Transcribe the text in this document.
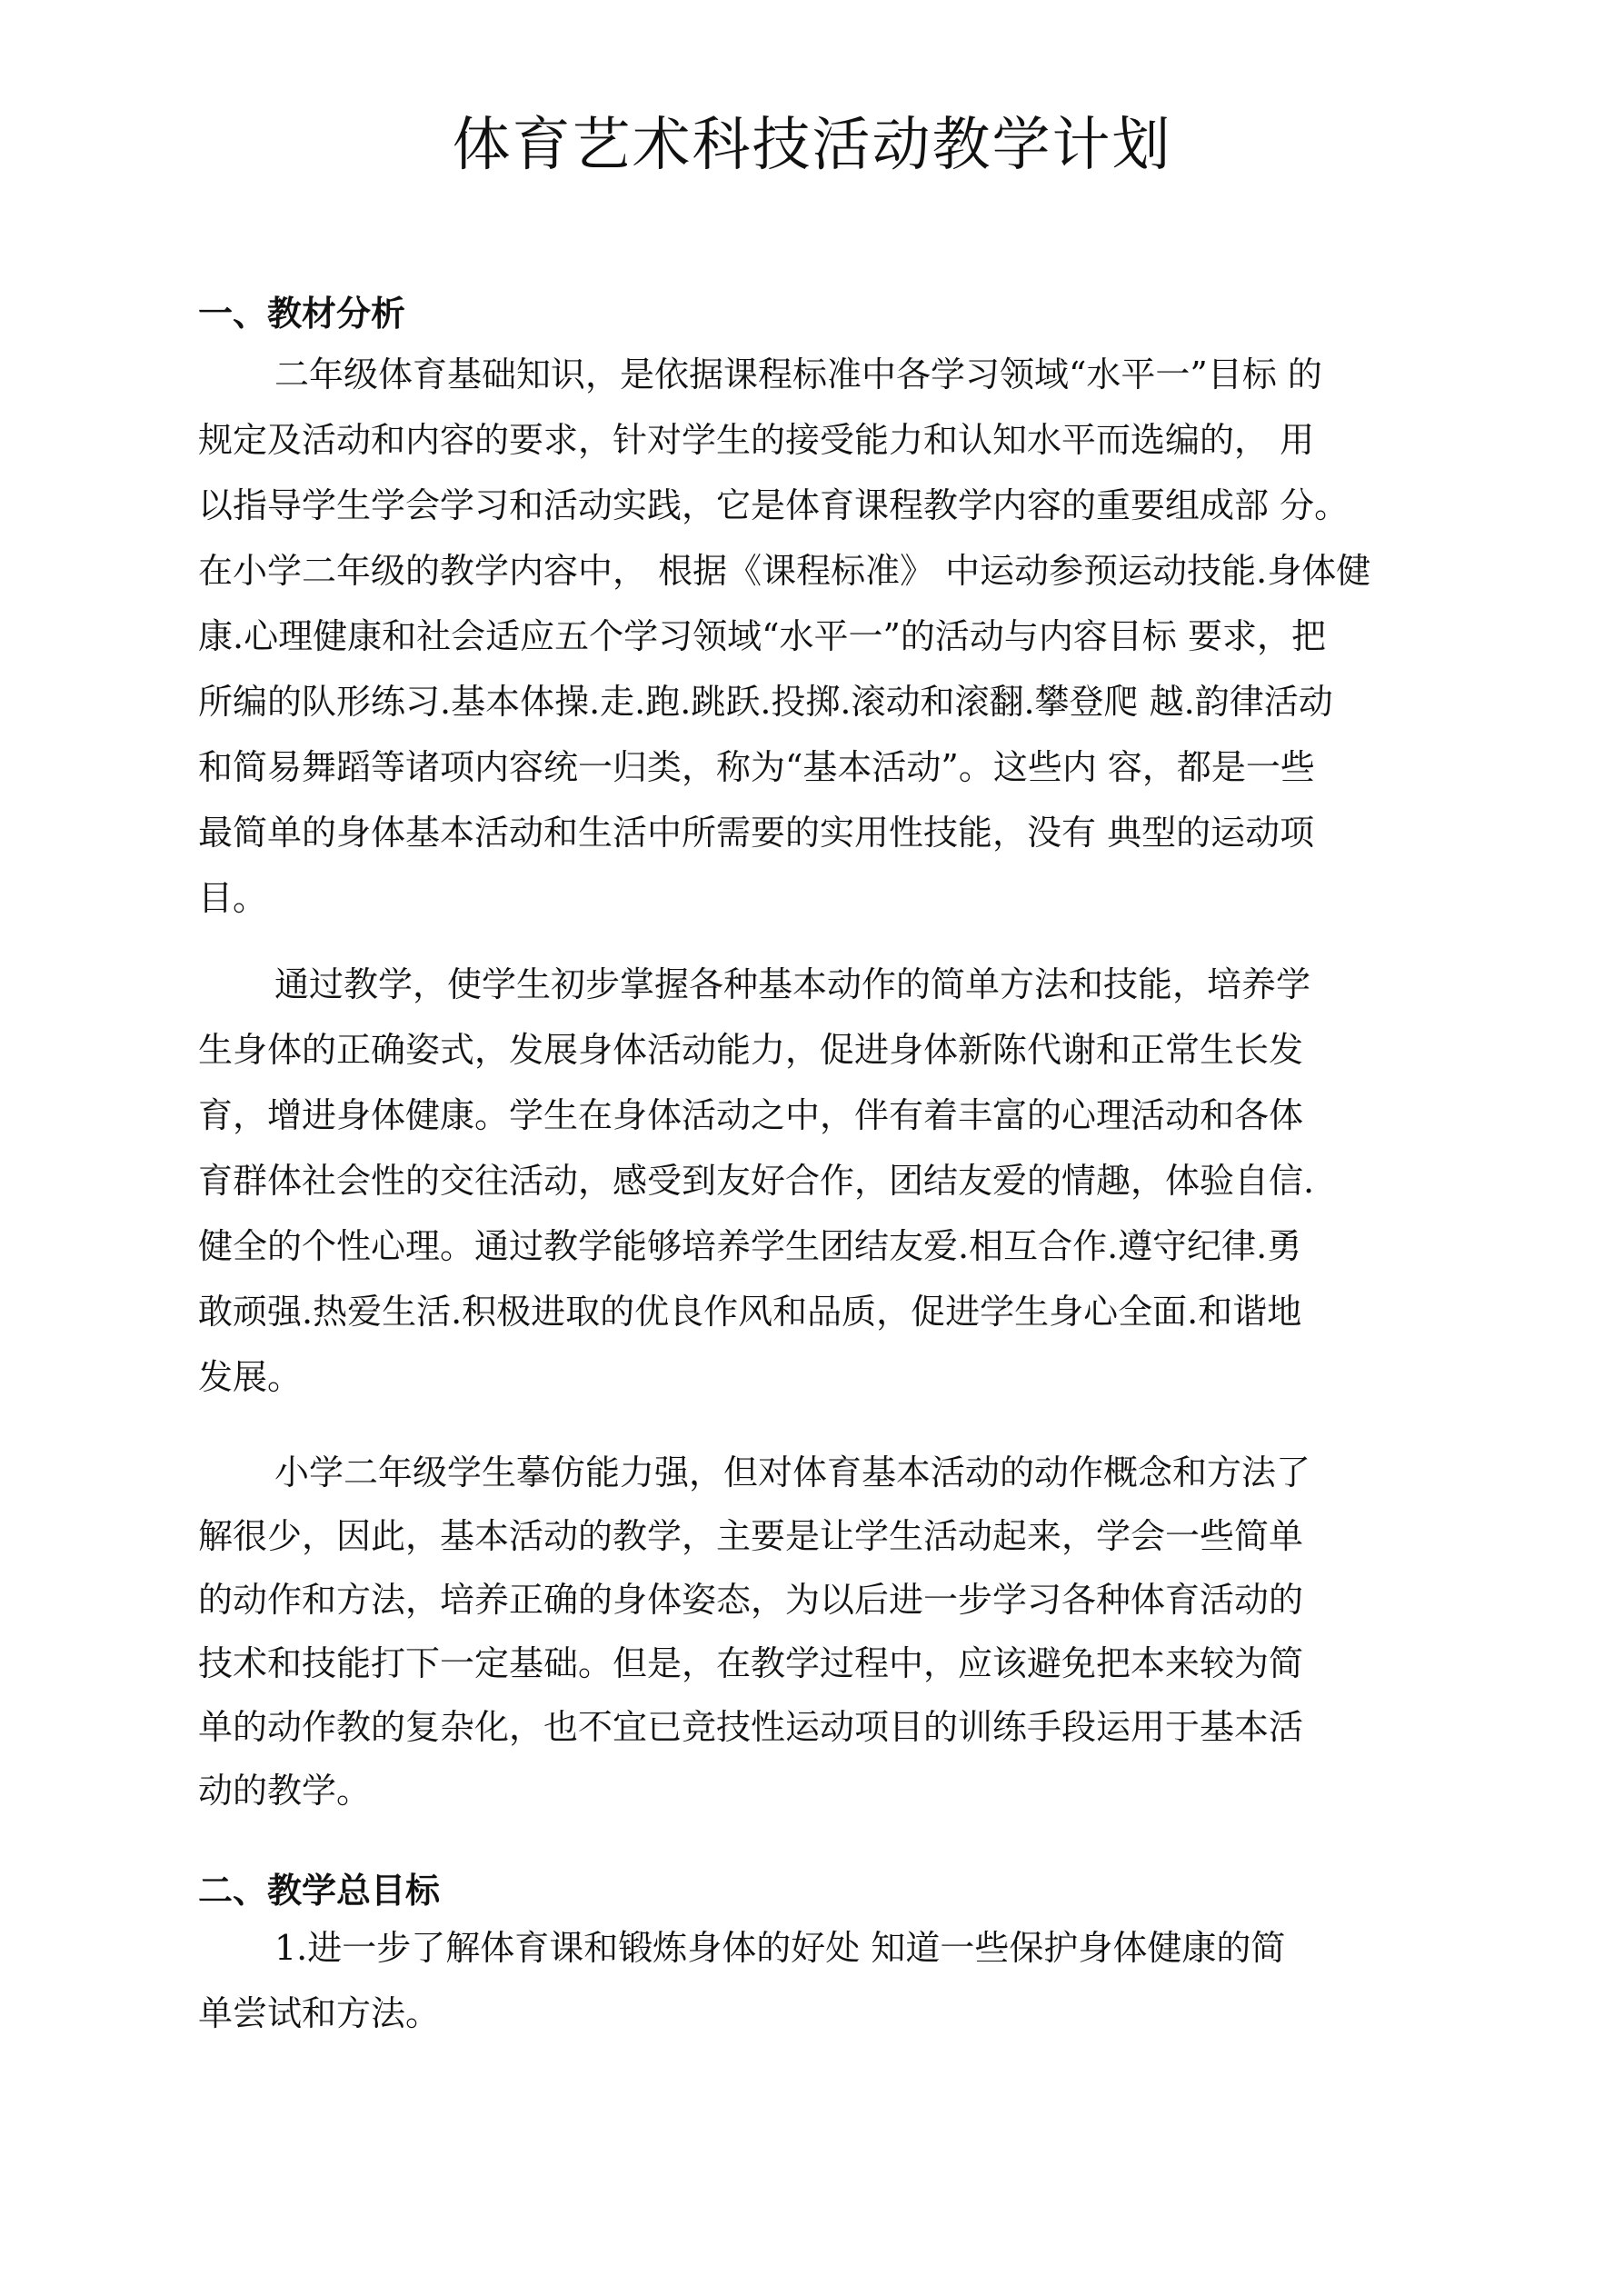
体育艺术科技活动教学计划
一、教材分析
二年级体育基础知识，是依据课程标准中各学习领域“水平一”目标 的
规定及活动和内容的要求，针对学生的接受能力和认知水平而选编的， 用
以指导学生学会学习和活动实践，它是体育课程教学内容的重要组成部 分。
在小学二年级的教学内容中， 根据《课程标准》 中运动参预运动技能.身体健
康.心理健康和社会适应五个学习领域“水平一”的活动与内容目标 要求，把
所编的队形练习.基本体操.走.跑.跳跃.投掷.滚动和滚翻.攀登爬 越.韵律活动
和简易舞蹈等诸项内容统一归类，称为“基本活动”。这些内 容，都是一些
最简单的身体基本活动和生活中所需要的实用性技能，没有 典型的运动项
目。
通过教学，使学生初步掌握各种基本动作的简单方法和技能，培养学
生身体的正确姿式，发展身体活动能力，促进身体新陈代谢和正常生长发
育，增进身体健康。学生在身体活动之中，伴有着丰富的心理活动和各体
育群体社会性的交往活动，感受到友好合作，团结友爱的情趣，体验自信.
健全的个性心理。通过教学能够培养学生团结友爱.相互合作.遵守纪律.勇
敢顽强.热爱生活.积极进取的优良作风和品质，促进学生身心全面.和谐地
发展。
小学二年级学生摹仿能力强，但对体育基本活动的动作概念和方法了
解很少，因此，基本活动的教学，主要是让学生活动起来，学会一些简单
的动作和方法，培养正确的身体姿态，为以后进一步学习各种体育活动的
技术和技能打下一定基础。但是，在教学过程中，应该避免把本来较为简
单的动作教的复杂化，也不宜已竞技性运动项目的训练手段运用于基本活
动的教学。
二、教学总目标
1.进一步了解体育课和锻炼身体的好处 知道一些保护身体健康的简
单尝试和方法。
